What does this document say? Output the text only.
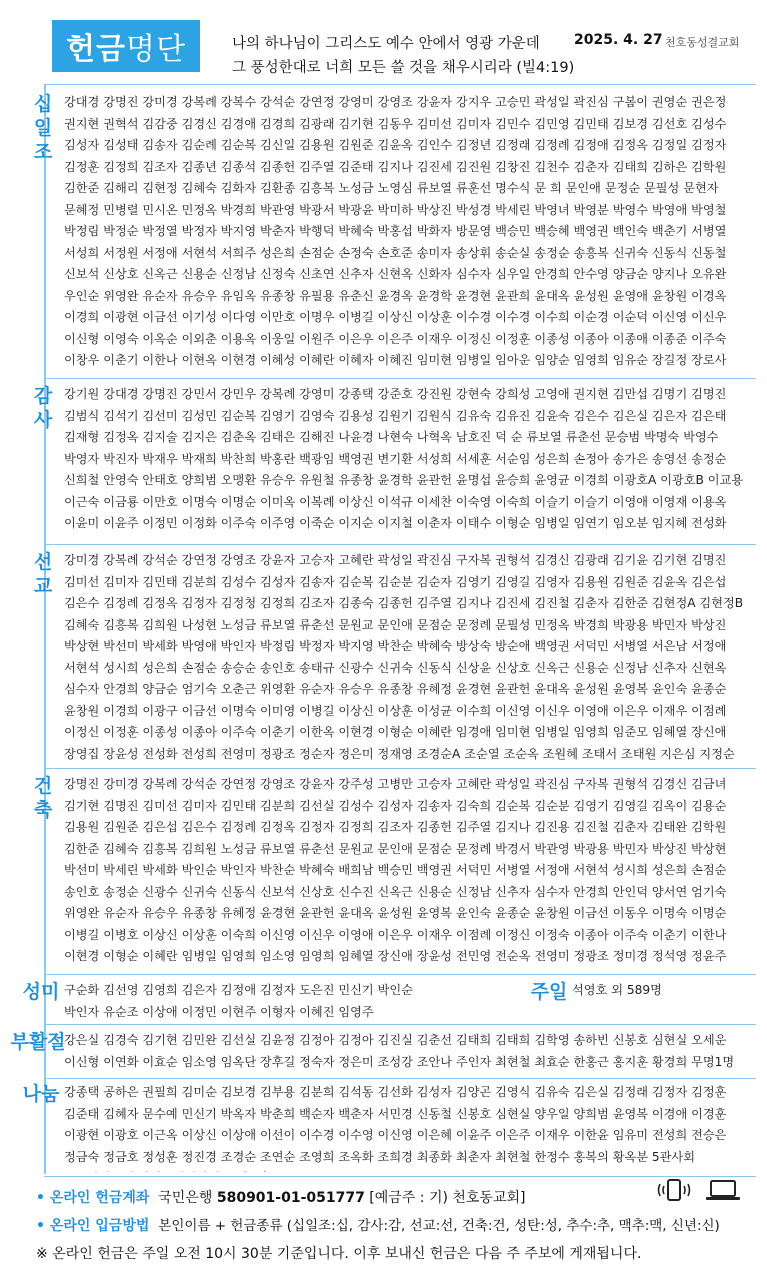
헌금 명단	나의 하나님이 그리스도 예수 안에서 영광 가운데
그 풍성한대로 너희 모든 쓸 것을 채우시리라 (빌4:19)
2025. 4. 27 천호동성결교회
십일조
강대경 강명진 강미경 강복례 강복수 강석순 강연정 강영미 강영조 강윤자 강지우 고승민 곽성일 곽진심 구봄이 권영순 권은정 권지현 권혁석 김감중 김경신 김경애 김경희 김광래 김기현 김동우 김미선 김미자 김민수 김민영 김민태 김보경 김선호 김성수 김성자 김성태 김송자 김순례 김순복 김신일 김용원 김원준 김윤옥 김인수 김정년 김정래 김정례 김정애 김정옥 김정일 김정자 김정훈 김정희 김조자 김종년 김종석 김종헌 김주열 김준태 김지나 김진세 김진원 김창진 김천수 김춘자 김태희 김하은 김학원 김한준 김해리 김현정 김혜숙 김화자 김환종 김흥복 노성금 노영심 류보열 류훈선 명수식 문 희 문인애 문정순 문필성 문현자 문혜정 민병렬 민시온 민정옥 박경희 박관영 박광서 박광윤 박미하 박상진 박성경 박세린 박영녀 박영분 박영수 박영애 박영철 박정림 박정순 박정열 박정자 박지영 박춘자 박행덕 박혜숙 박홍섭 박화자 방문영 백승민 백승혜 백영권 백인숙 백춘기 서병열 서성희 서정원 서정애 서현석 서희주 성은희 손점순 손정숙 손호준 송미자 송상휘 송순실 송정순 송흥복 신귀숙 신동식 신동철 신보석 신상호 신옥근 신용순 신정남 신정숙 신초연 신추자 신현옥 신화자 심수자 심우일 안경희 안수영 양금순 양지나 오유완 우인순 위영완 유순자 유승우 유임옥 유종창 유필용 유춘신 윤경옥 윤경학 윤경현 윤관희 윤대옥 윤성원 윤영애 윤창원 이경옥 이경희 이광현 이금선 이기성 이다영 이만호 이명우 이병길 이상신 이상훈 이수경 이수경 이수희 이순경 이순덕 이신영 이신우 이신형 이영숙 이옥순 이외춘 이용옥 이웅일 이원주 이은우 이은주 이재우 이정신 이정훈 이종성 이종아 이종애 이종준 이주숙 이창우 이춘기 이한나 이현옥 이현경 이혜성 이혜란 이혜자 이혜진 임미현 임병일 임아운 임양순 임영희 임유순 장길정 장로사
감사
강기원 강대경 강명진 강민서 강민우 강복례 강영미 강종택 강준호 강진원 강현숙 강희성 고영애 권지현 김만섭 김명기 김명진 김범식 김석기 김선미 김성민 김순복 김영기 김영숙 김용성 김원기 김원식 김유숙 김유진 김윤숙 김은수 김은실 김은자 김은태 김재형 김정옥 김지술 김지은 김춘옥 김태은 김해진 나윤경 나현숙 나혁옥 남호진 덕 순 류보열 류춘선 문승범 박명숙 박영수 박영자 박진자 박재우 박재희 박찬희 박홍란 백광임 백영권 변기환 서성희 서세훈 서순임 성은희 손정아 송가은 송영선 송정순 신희철 안영숙 안태호 양희범 오맹환 유승우 유원철 유종창 윤경학 윤관헌 윤명섭 윤승희 윤영균 이경희 이광호A 이광호B 이교용 이근숙 이금룡 이만호 이명숙 이명순 이미옥 이복례 이상신 이석규 이세찬 이숙영 이숙희 이슬기 이슬기 이영애 이영재 이용옥 이윤미 이윤주 이정민 이정화 이주숙 이주영 이죽순 이지순 이지철 이춘자 이태수 이형순 임병일 임연기 임오분 임지혜 전성화
선교
강미경 강복례 강석순 강연정 강영조 강윤자 고승자 고혜란 곽성일 곽진심 구자복 권형석 김경신 김광래 김기윤 김기현 김명진 김미선 김미자 김민태 김분희 김성수 김성자 김송자 김순복 김순분 김순자 김영기 김영길 김영자 김용원 김원준 김윤옥 김은섭 김은수 김정례 김정옥 김정자 김정청 김정희 김조자 김종숙 김종헌 김주열 김지나 김진세 김진철 김춘자 김한준 김현정A 김현정B 김혜숙 김흥복 김희원 나성현 노성금 류보열 류춘선 문원교 문인애 문점순 문정례 문필성 민정옥 박경희 박광용 박민자 박상진 박상현 박선미 박세화 박영애 박인자 박정림 박정자 박지영 박찬순 박혜숙 방상숙 방순애 백영권 서덕민 서병열 서은남 서정애 서현석 성시희 성은희 손점순 송승순 송인호 송태규 신광수 신귀숙 신동식 신상윤 신상호 신옥근 신용순 신정남 신추자 신현옥 심수자 안경희 양금순 엄기숙 오춘근 위영환 유순자 유승우 유종창 유혜정 윤경현 윤관헌 윤대옥 윤성원 윤영복 윤인숙 윤종순 윤창원 이경희 이광구 이금선 이명숙 이미영 이병길 이상신 이상훈 이성균 이수희 이신영 이신우 이영애 이은우 이재우 이점례 이정신 이정훈 이종성 이종아 이주숙 이춘기 이한옥 이현경 이형순 이혜란 임경애 임미현 임병일 임영희 임준모 임혜열 장신애 장영집 장윤성 전성화 전성희 전영미 정광조 정순자 정은미 정재영 조경순A 조순열 조순옥 조원혜 조태서 조태원 지은심 지정순
건축
강명진 강미경 강복례 강석순 강연정 강영조 강윤자 강주성 고병만 고승자 고혜란 곽성일 곽진심 구자복 권형석 김경신 김금녀 김기현 김명진 김미선 김미자 김민태 김분희 김선실 김성수 김성자 김송자 김숙희 김순복 김순분 김영기 김영길 김옥이 김용순 김용원 김원준 김은섭 김은수 김정례 김정옥 김정자 김정희 김조자 김종헌 김주열 김지나 김진용 김진철 김춘자 김태완 김학원 김한준 김혜숙 김흥복 김희원 노성금 류보열 류춘선 문원교 문인애 문점순 문정례 박경서 박관영 박광용 박민자 박상진 박상현 박선미 박세린 박세화 박인순 박인자 박찬순 박혜숙 배희남 백승민 백영권 서덕민 서병열 서정애 서현석 성시희 성은희 손점순 송인호 송정순 신광수 신귀숙 신동식 신보석 신상호 신수진 신옥근 신용순 신정남 신추자 심수자 안경희 안인덕 양서연 엄기숙 위영완 유순자 유승우 유종창 유혜정 윤경현 윤관헌 윤대옥 윤성원 윤영복 윤인숙 윤종순 윤창원 이금선 이동우 이명숙 이명순 이병길 이병호 이상신 이상훈 이숙희 이신영 이신우 이영애 이은우 이재우 이점례 이정신 이정숙 이종아 이주숙 이춘기 이한나 이현경 이형순 이혜란 임병일 임영희 임소영 임영희 임혜열 장신애 장윤성 전민영 전순옥 전영미 정광조 정미경 정석영 정윤주
성미 구순화 김선영 김영희 김은자 김정애 김정자 도은진 민신기 박인순 박인자 유순조 이상애 이정민 이현주 이형자 이혜진 임영주
주일 석영호 외 589명
부활절
강은실 김경숙 김기현 김민완 김선실 김윤정 김정아 김정아 김진실 김춘선 김태희 김태희 김학영 송하빈 신봉호 심현실 오세운 이신형 이연화 이효순 임소영 임옥단 장후길 정숙자 정은미 조성강 조안나 주인자 최현철 최효순 한홍근 홍지훈 황경희 무명1명
나눔 강종택 공하은 권필희 김미순 김보경 김부용 김분희 김석동 김선화 김성자 김양곤 김영식 김유숙 김은실 김정래 김정자 김정훈 김준태 김혜자 문수예 민신기 박옥자 박춘희 백순자 백춘자 서민경 신동철 신봉호 심현실 양우일 양희범 윤영복 이경애 이경훈 이광현 이광호 이근옥 이상신 이상애 이선이 이수경 이수영 이신영 이은혜 이윤주 이은주 이재우 이한윤 임유미 전성희 전승은 정금숙 정금호 정성훈 정진경 조경순 조연순 조영희 조옥화 조희경 최종화 최춘자 최현철 한정수 홍복의 황옥분 5관사회
• 온라인 헌금계좌 국민은행 580901-01-051777 [예금주 : 기) 천호동교회]
• 온라인 입금방법 본인이름 + 헌금종류 (십일조:십, 감사:감, 선교:선, 건축:건, 성탄:성, 추수:추, 맥추:맥, 신년:신)
※ 온라인 헌금은 주일 오전 10시 30분 기준입니다. 이후 보내신 헌금은 다음 주 주보에 게재됩니다.
